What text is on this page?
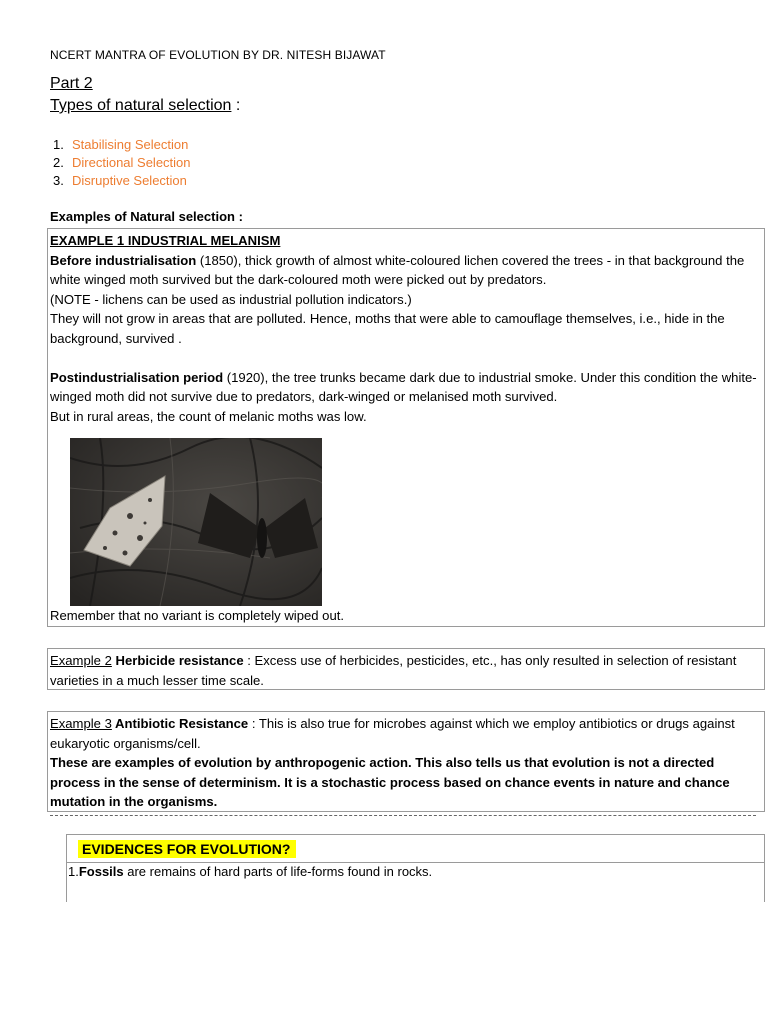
NCERT MANTRA OF EVOLUTION BY DR. NITESH BIJAWAT
Part 2
Types of natural selection :
1. Stabilising Selection
2. Directional Selection
3. Disruptive Selection
Examples of Natural selection :

EXAMPLE 1 INDUSTRIAL MELANISM

Before industrialisation (1850), thick growth of almost white-coloured lichen covered the trees - in that background the white winged moth survived but the dark-coloured moth were picked out by predators.

(NOTE - lichens can be used as industrial pollution indicators.)

They will not grow in areas that are polluted. Hence, moths that were able to camouflage themselves, i.e., hide in the background, survived .

Postindustrialisation period (1920), the tree trunks became dark due to industrial smoke. Under this condition the white-winged moth did not survive due to predators, dark-winged or melanised moth survived.

But in rural areas, the count of melanic moths was low.

Remember that no variant is completely wiped out.

Example 2 Herbicide resistance : Excess use of herbicides, pesticides, etc., has only resulted in selection of resistant varieties in a much lesser time scale.

Example 3 Antibiotic Resistance : This is also true for microbes against which we employ antibiotics or drugs against eukaryotic organisms/cell.

These are examples of evolution by anthropogenic action. This also tells us that evolution is not a directed process in the sense of determinism. It is a stochastic process based on chance events in nature and chance mutation in the organisms.

EVIDENCES FOR EVOLUTION?
1.Fossils are remains of hard parts of life-forms found in rocks.
